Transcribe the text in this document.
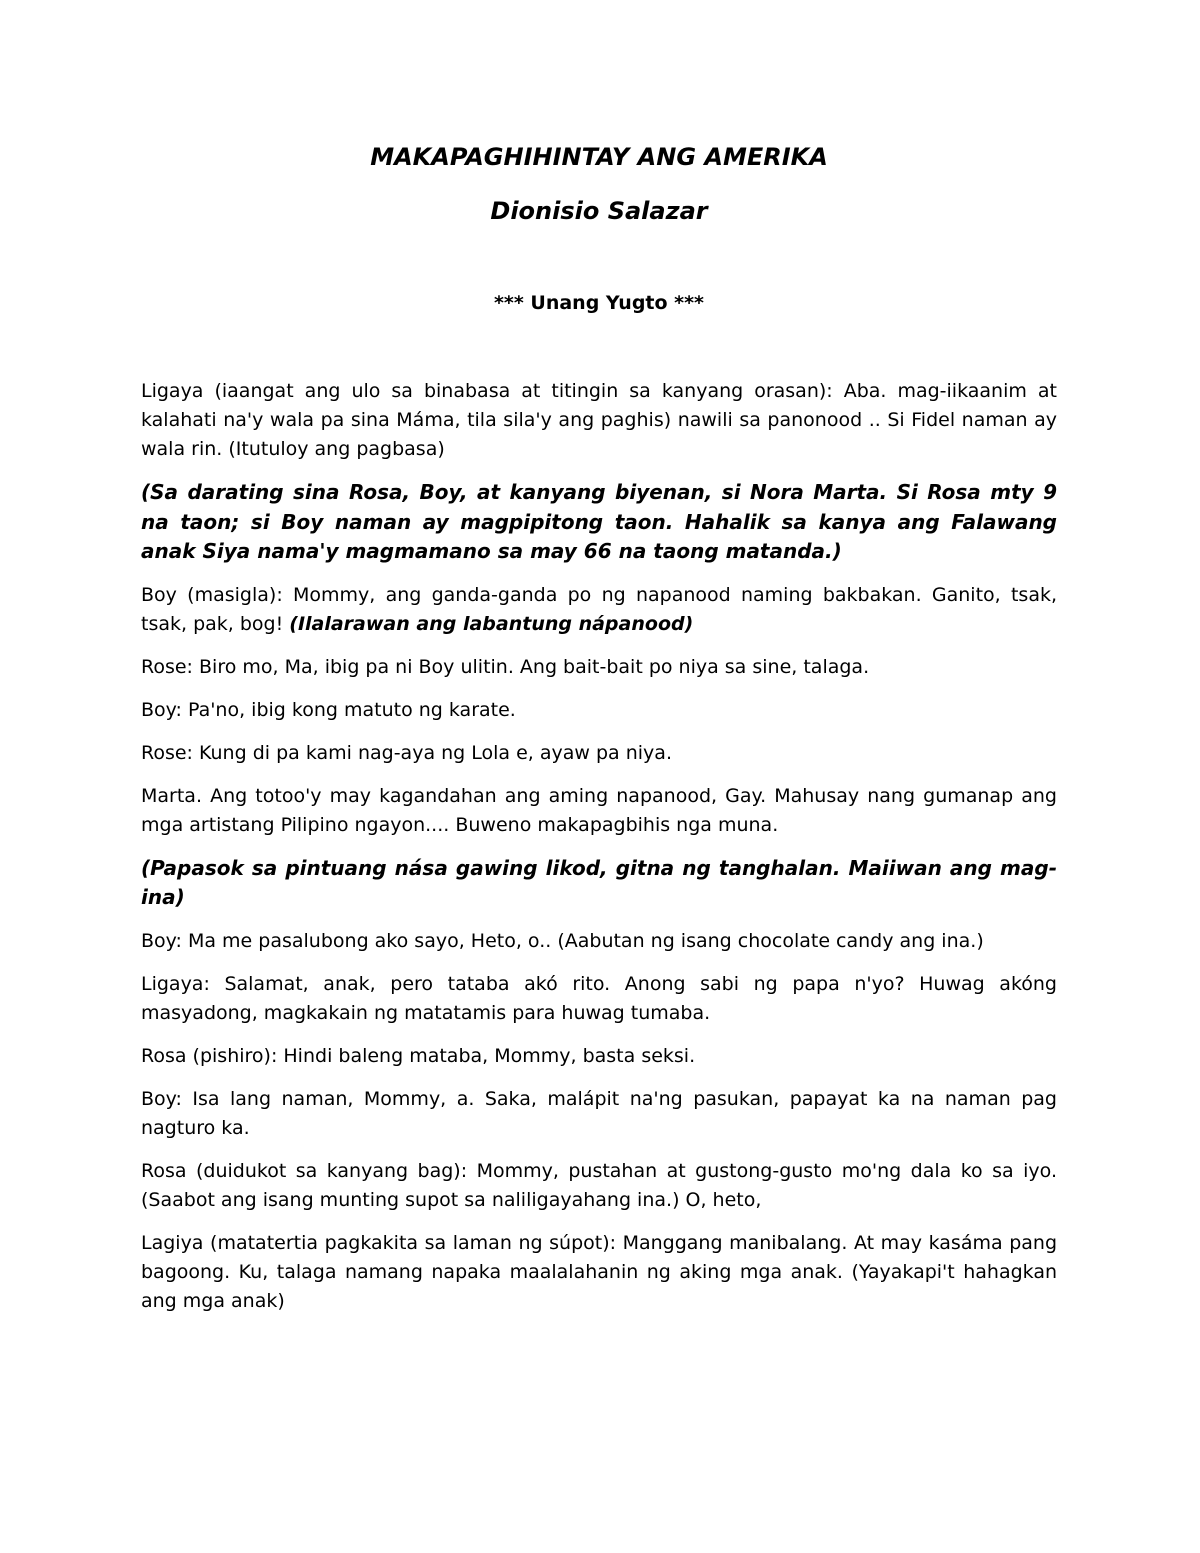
MAKAPAGHIHINTAY ANG AMERIKA
Dionisio Salazar

*** Unang Yugto ***

Ligaya (iaangat ang ulo sa binabasa at titingin sa kanyang orasan): Aba. mag-iikaanim at kalahati na'y wala pa sina Máma, tila sila'y ang paghis) nawili sa panonood .. Si Fidel naman ay wala rin. (Itutuloy ang pagbasa)

(Sa darating sina Rosa, Boy, at kanyang biyenan, si Nora Marta. Si Rosa mty 9 na taon; si Boy naman ay magpipitong taon. Hahalik sa kanya ang Falawang anak Siya nama'y magmamano sa may 66 na taong matanda.)

Boy (masigla): Mommy, ang ganda-ganda po ng napanood naming bakbakan. Ganito, tsak, tsak, pak, bog! (Ilalarawan ang labantung nápanood)

Rose: Biro mo, Ma, ibig pa ni Boy ulitin. Ang bait-bait po niya sa sine, talaga.

Boy: Pa'no, ibig kong matuto ng karate.

Rose: Kung di pa kami nag-aya ng Lola e, ayaw pa niya.

Marta. Ang totoo'y may kagandahan ang aming napanood, Gay. Mahusay nang gumanap ang mga artistang Pilipino ngayon.... Buweno makapagbihis nga muna.

(Papasok sa pintuang nása gawing likod, gitna ng tanghalan. Maiiwan ang mag-ina)

Boy: Ma me pasalubong ako sayo, Heto, o.. (Aabutan ng isang chocolate candy ang ina.)

Ligaya: Salamat, anak, pero tataba akó rito. Anong sabi ng papa n'yo? Huwag akóng masyadong, magkakain ng matatamis para huwag tumaba.

Rosa (pishiro): Hindi baleng mataba, Mommy, basta seksi.

Boy: Isa lang naman, Mommy, a. Saka, malápit na'ng pasukan, papayat ka na naman pag nagturo ka.

Rosa (duidukot sa kanyang bag): Mommy, pustahan at gustong-gusto mo'ng dala ko sa iyo. (Saabot ang isang munting supot sa naliligayahang ina.) O, heto,

Lagiya (matatertia pagkakita sa laman ng súpot): Manggang manibalang. At may kasáma pang bagoong. Ku, talaga namang napaka maalalahanin ng aking mga anak. (Yayakapi't hahagkan ang mga anak)
